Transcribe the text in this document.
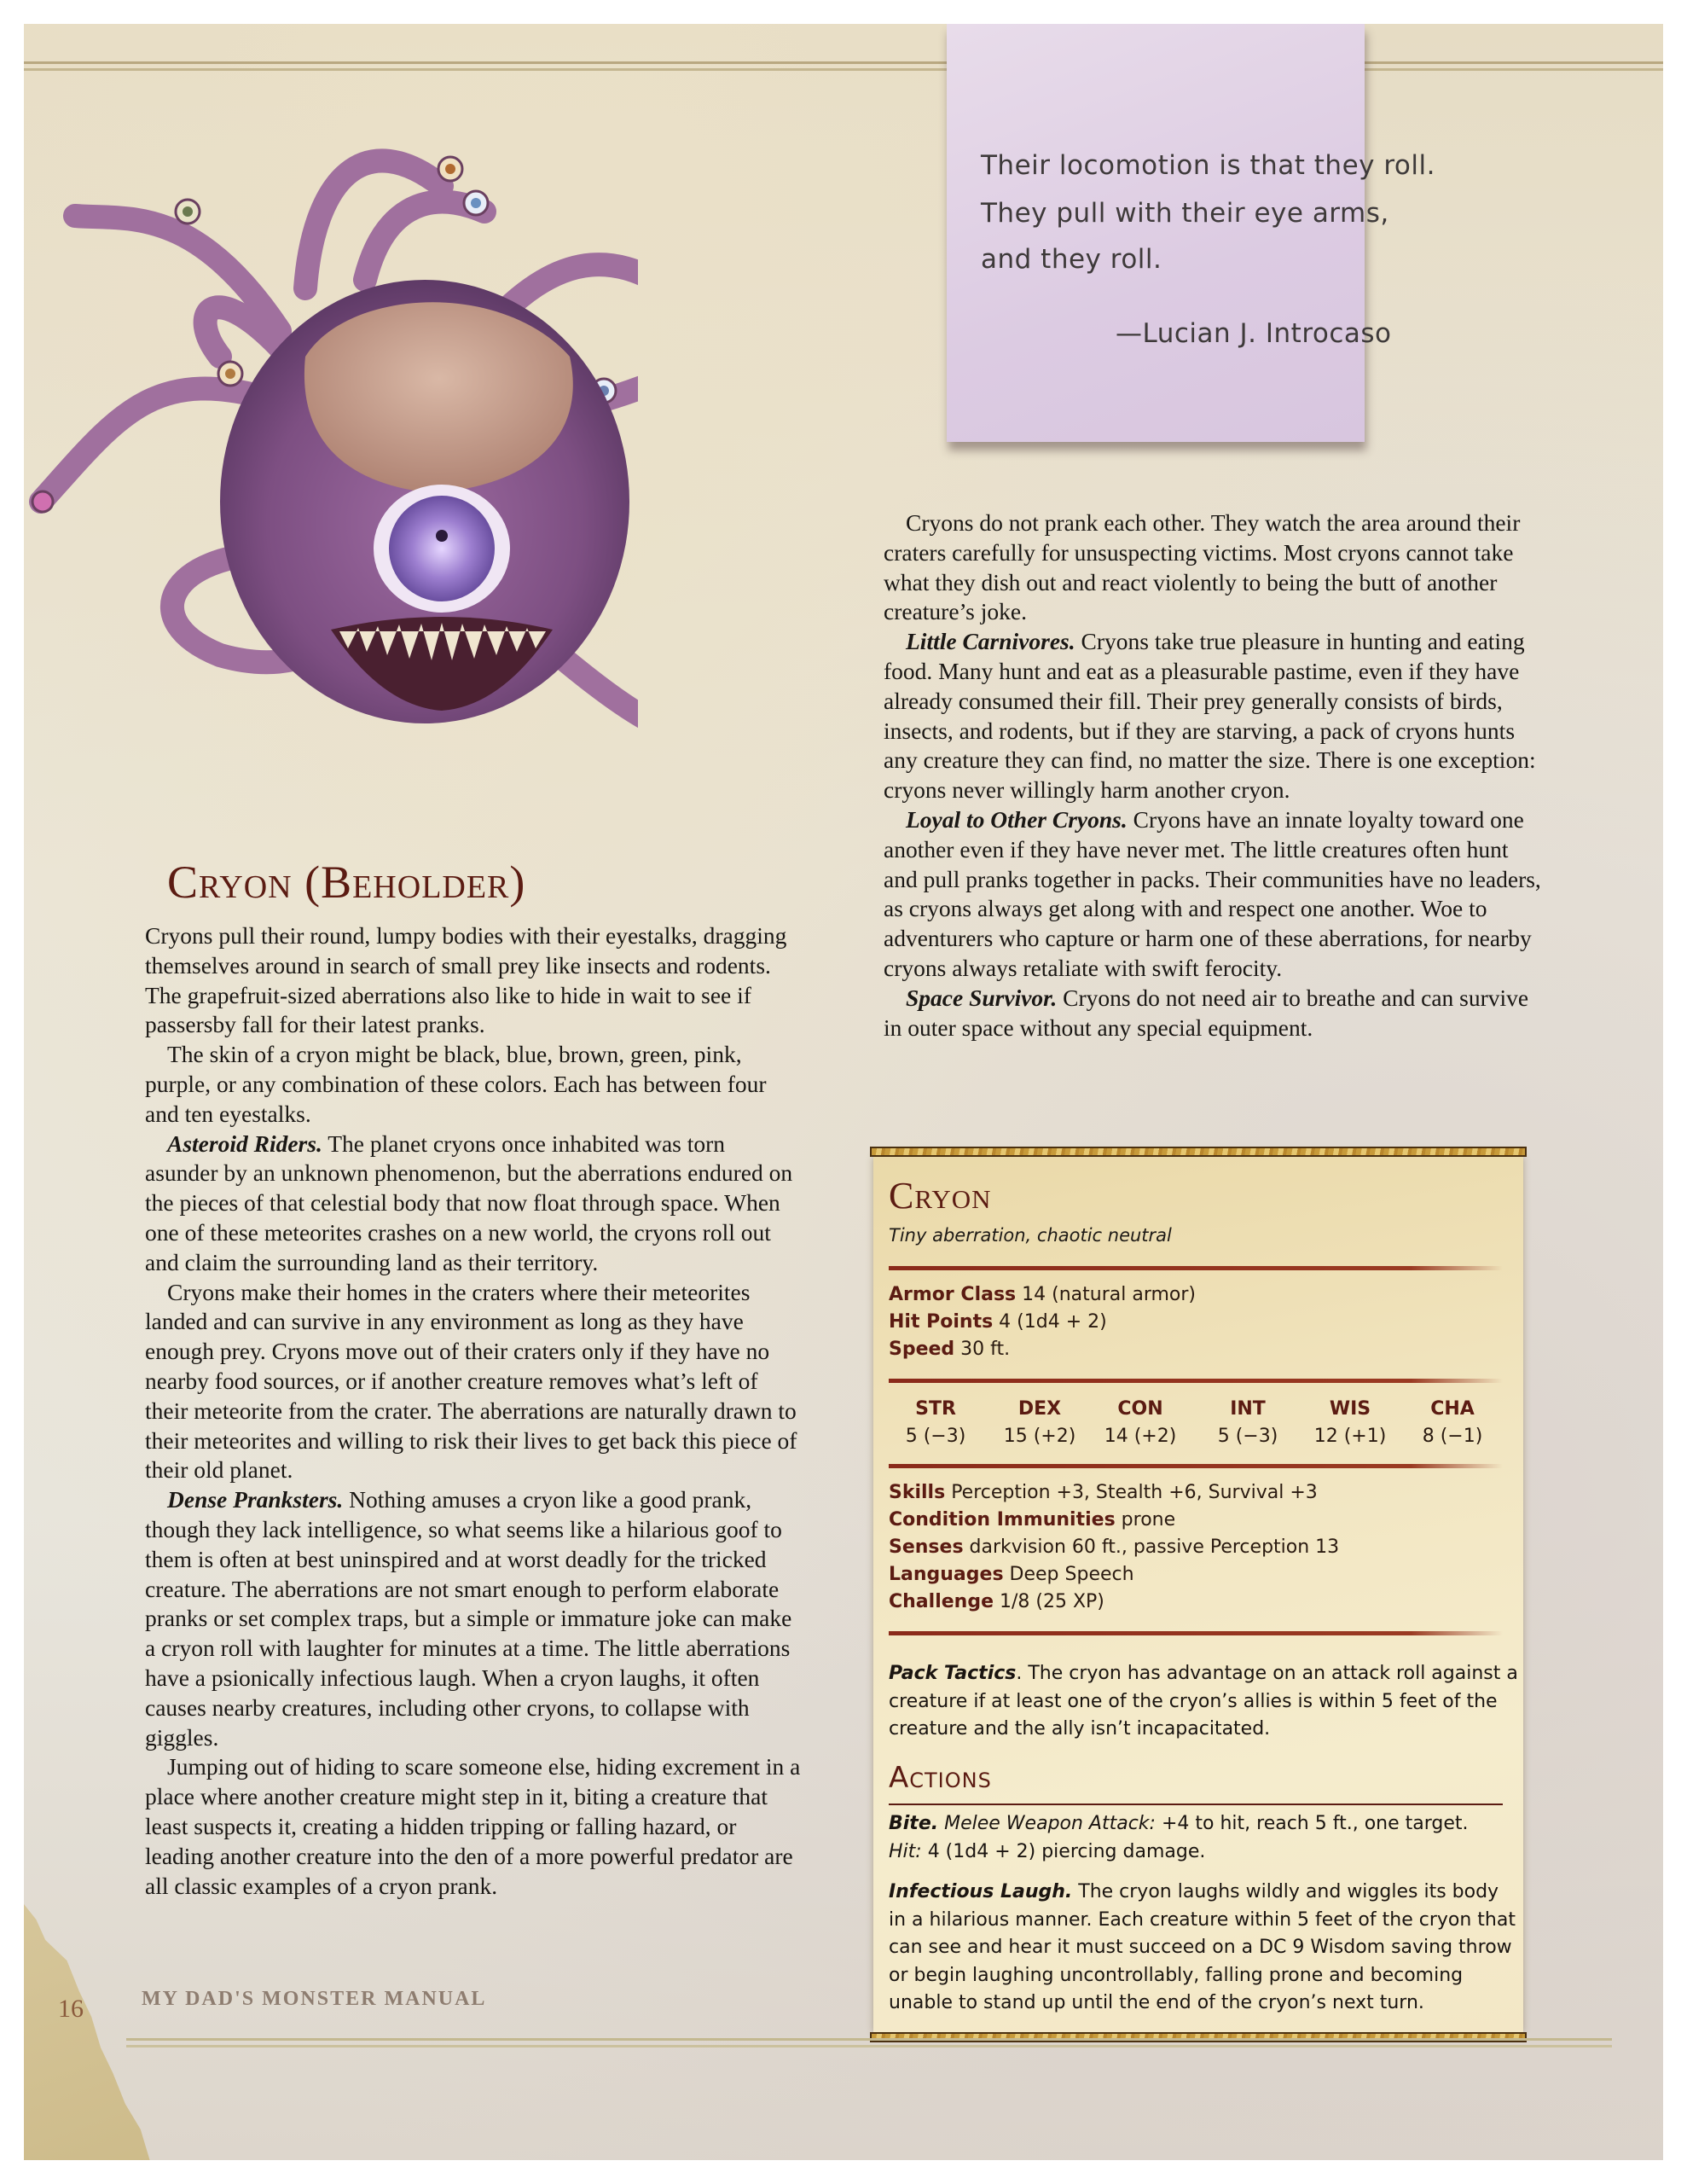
Their locomotion is that they roll.
They pull with their eye arms,
and they roll.
—Lucian J. Introcaso
Cryon (Beholder)

Cryons pull their round, lumpy bodies with their eyestalks, dragging themselves around in search of small prey like insects and rodents. The grapefruit-sized aberrations also like to hide in wait to see if passersby fall for their latest pranks.

The skin of a cryon might be black, blue, brown, green, pink, purple, or any combination of these colors. Each has between four and ten eyestalks.

Asteroid Riders. The planet cryons once inhabited was torn asunder by an unknown phenomenon, but the aberrations endured on the pieces of that celestial body that now float through space. When one of these meteorites crashes on a new world, the cryons roll out and claim the surrounding land as their territory.

Cryons make their homes in the craters where their meteorites landed and can survive in any environment as long as they have enough prey. Cryons move out of their craters only if they have no nearby food sources, or if another creature removes what’s left of their meteorite from the crater. The aberrations are naturally drawn to their meteorites and willing to risk their lives to get back this piece of their old planet.

Dense Pranksters. Nothing amuses a cryon like a good prank, though they lack intelligence, so what seems like a hilarious goof to them is often at best uninspired and at worst deadly for the tricked creature. The aberrations are not smart enough to perform elaborate pranks or set complex traps, but a simple or immature joke can make a cryon roll with laughter for minutes at a time. The little aberrations have a psionically infectious laugh. When a cryon laughs, it often causes nearby creatures, including other cryons, to collapse with giggles.

Jumping out of hiding to scare someone else, hiding excrement in a place where another creature might step in it, biting a creature that least suspects it, creating a hidden tripping or falling hazard, or leading another creature into the den of a more powerful predator are all classic examples of a cryon prank.

Cryons do not prank each other. They watch the area around their craters carefully for unsuspecting victims. Most cryons cannot take what they dish out and react violently to being the butt of another creature’s joke.

Little Carnivores. Cryons take true pleasure in hunting and eating food. Many hunt and eat as a pleasurable pastime, even if they have already consumed their fill. Their prey generally consists of birds, insects, and rodents, but if they are starving, a pack of cryons hunts any creature they can find, no matter the size. There is one exception: cryons never willingly harm another cryon.

Loyal to Other Cryons. Cryons have an innate loyalty toward one another even if they have never met. The little creatures often hunt and pull pranks together in packs. Their communities have no leaders, as cryons always get along with and respect one another. Woe to adventurers who capture or harm one of these aberrations, for nearby cryons always retaliate with swift ferocity.

Space Survivor. Cryons do not need air to breathe and can survive in outer space without any special equipment.

Cryon
Tiny aberration, chaotic neutral
Armor Class 14 (natural armor)
Hit Points 4 (1d4 + 2)
Speed 30 ft.
STR
5 (−3)
DEX
15 (+2)
CON
14 (+2)
INT
5 (−3)
WIS
12 (+1)
CHA
8 (−1)
Skills Perception +3, Stealth +6, Survival +3
Condition Immunities prone
Senses darkvision 60 ft., passive Perception 13
Languages Deep Speech
Challenge 1/8 (25 XP)
Pack Tactics. The cryon has advantage on an attack roll against a creature if at least one of the cryon’s allies is within 5 feet of the creature and the ally isn’t incapacitated.
Actions
Bite. Melee Weapon Attack: +4 to hit, reach 5 ft., one target.
Hit: 4 (1d4 + 2) piercing damage.
Infectious Laugh. The cryon laughs wildly and wiggles its body in a hilarious manner. Each creature within 5 feet of the cryon that can see and hear it must succeed on a DC 9 Wisdom saving throw or begin laughing uncontrollably, falling prone and becoming unable to stand up until the end of the cryon’s next turn.
MY DAD'S MONSTER MANUAL
16
